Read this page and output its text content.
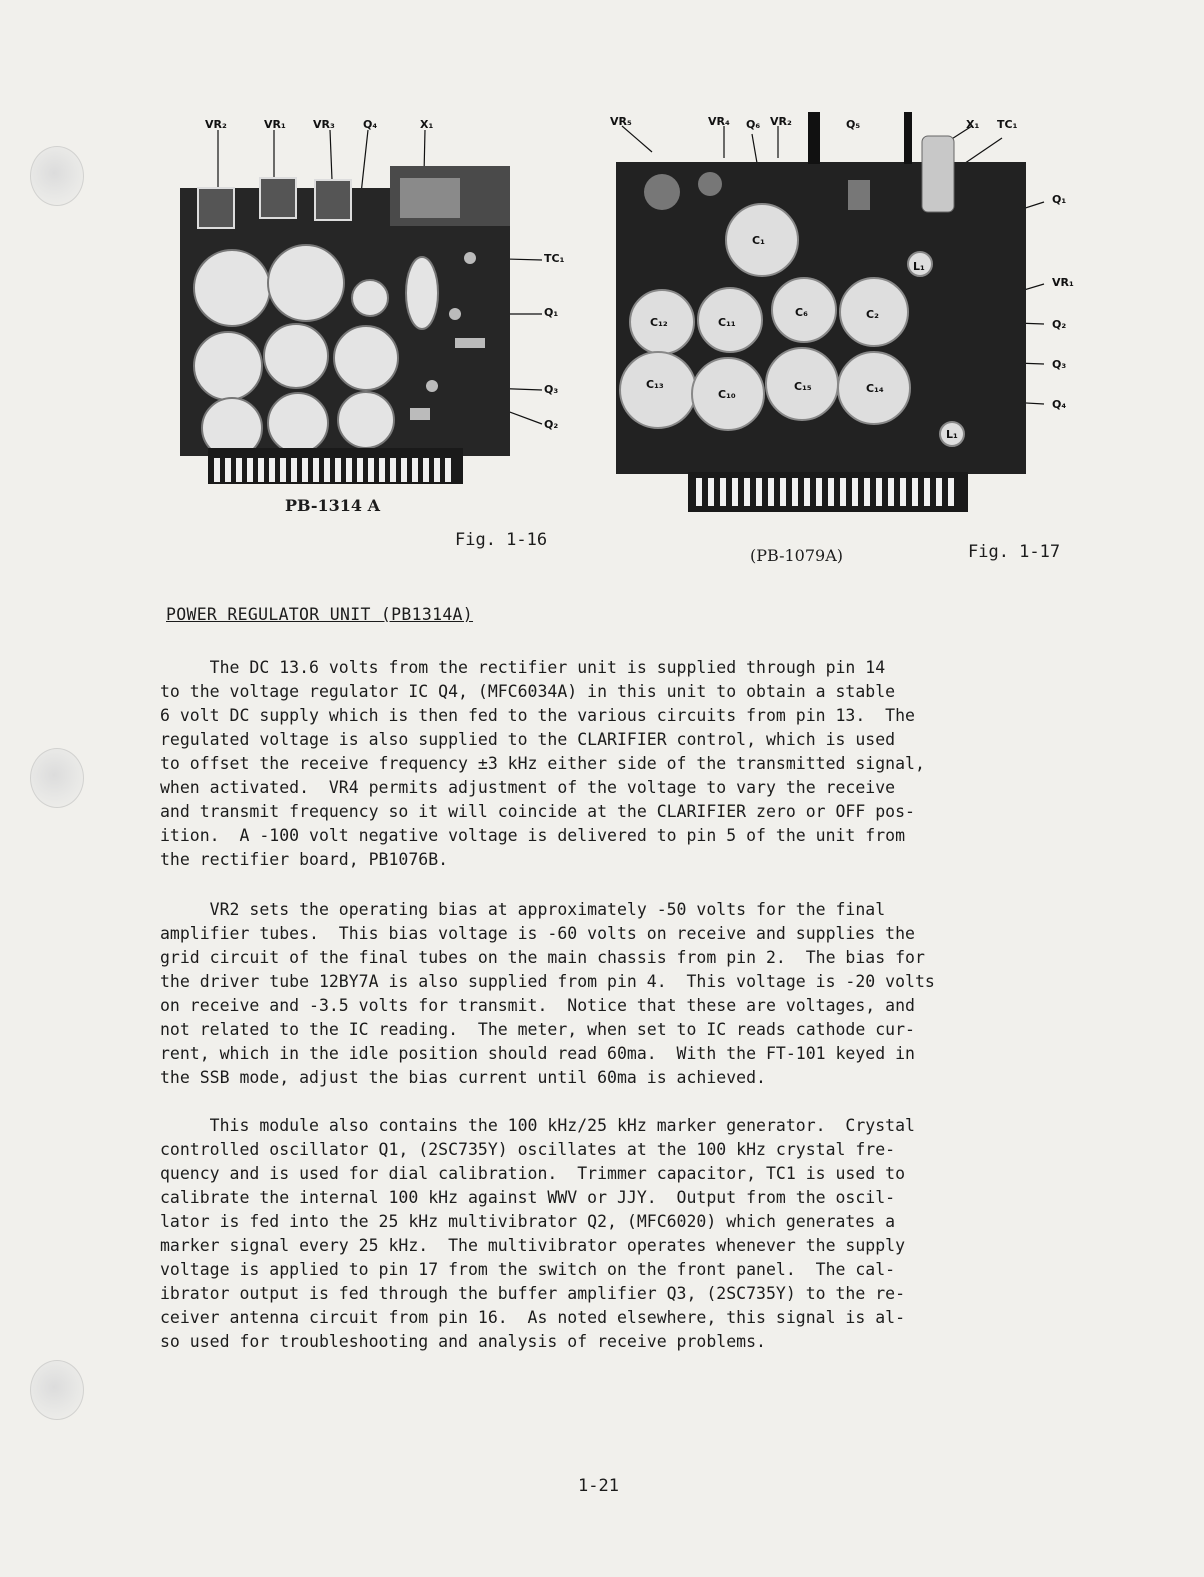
VR₂	VR₁ VR₃	Q₄	X₁
TC₁
Q₁
Q₃
Q₂
PB-1314 A
Fig. 1-16
VR₅	VR₄ Q₆ VR₂	Q₅	X₁ TC₁
Q₁
VR₁
Q₂
Q₃
Q₄
C₁
C₁₂	C₁₁
C₆	C₂
C₁₃
C₁₀
C₁₅	C₁₄
L₁
L₁
(PB-1079A)	Fig. 1-17
POWER REGULATOR UNIT (PB1314A)
The DC 13.6 volts from the rectifier unit is supplied through pin 14
to the voltage regulator IC Q4, (MFC6034A) in this unit to obtain a stable
6 volt DC supply which is then fed to the various circuits from pin 13.  The
regulated voltage is also supplied to the CLARIFIER control, which is used
to offset the receive frequency ±3 kHz either side of the transmitted signal,
when activated.  VR4 permits adjustment of the voltage to vary the receive
and transmit frequency so it will coincide at the CLARIFIER zero or OFF pos-
ition.  A -100 volt negative voltage is delivered to pin 5 of the unit from
the rectifier board, PB1076B.
VR2 sets the operating bias at approximately -50 volts for the final
amplifier tubes.  This bias voltage is -60 volts on receive and supplies the
grid circuit of the final tubes on the main chassis from pin 2.  The bias for
the driver tube 12BY7A is also supplied from pin 4.  This voltage is -20 volts
on receive and -3.5 volts for transmit.  Notice that these are voltages, and
not related to the IC reading.  The meter, when set to IC reads cathode cur-
rent, which in the idle position should read 60ma.  With the FT-101 keyed in
the SSB mode, adjust the bias current until 60ma is achieved.
This module also contains the 100 kHz/25 kHz marker generator.  Crystal
controlled oscillator Q1, (2SC735Y) oscillates at the 100 kHz crystal fre-
quency and is used for dial calibration.  Trimmer capacitor, TC1 is used to
calibrate the internal 100 kHz against WWV or JJY.  Output from the oscil-
lator is fed into the 25 kHz multivibrator Q2, (MFC6020) which generates a
marker signal every 25 kHz.  The multivibrator operates whenever the supply
voltage is applied to pin 17 from the switch on the front panel.  The cal-
ibrator output is fed through the buffer amplifier Q3, (2SC735Y) to the re-
ceiver antenna circuit from pin 16.  As noted elsewhere, this signal is al-
so used for troubleshooting and analysis of receive problems.
1-21
